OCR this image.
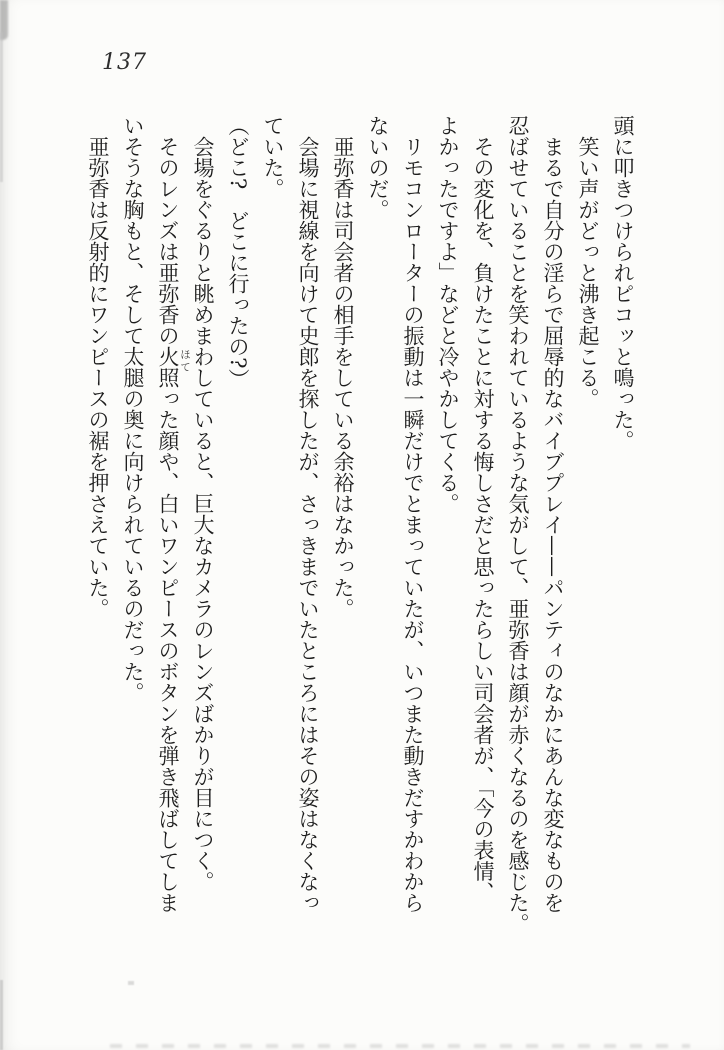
137

頭に叩きつけられピコッと鳴った。

　笑い声がどっと沸き起こる。

　まるで自分の淫らで屈辱的なバイブプレイ——パンティのなかにあんな変なものを

忍ばせていることを笑われているような気がして、亜弥香は顔が赤くなるのを感じた。

　その変化を、負けたことに対する悔しさだと思ったらしい司会者が、「今の表情、

よかったですよ」などと冷やかしてくる。

　リモコンローターの振動は一瞬だけでとまっていたが、いつまた動きだすかわから

ないのだ。

　亜弥香は司会者の相手をしている余裕はなかった。

　会場に視線を向けて史郎を探したが、さっきまでいたところにはその姿はなくなっ

ていた。

（どこ?　どこに行ったの?）

　会場をぐるりと眺めまわしていると、巨大なカメラのレンズばかりが目につく。

　そのレンズは亜弥香の火照った顔や、白いワンピースのボタンを弾き飛ばしてしま

いそうな胸もと、そして太腿の奥に向けられているのだった。

　亜弥香は反射的にワンピースの裾を押さえていた。	ほて
